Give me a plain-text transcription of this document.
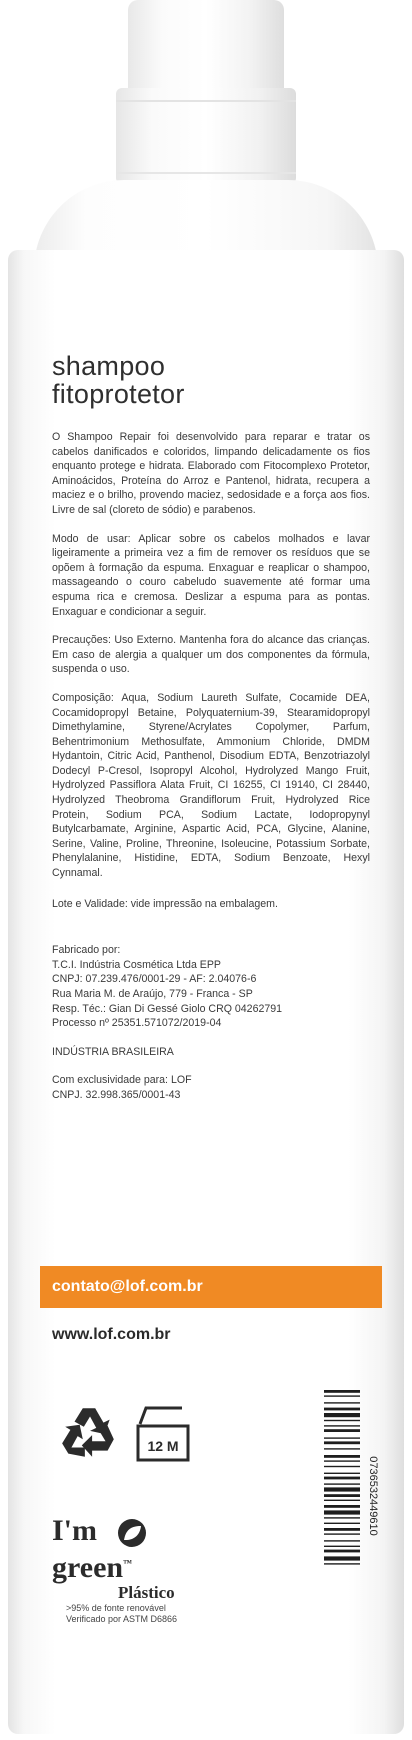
shampoo
fitoprotetor

O Shampoo Repair foi desenvolvido para reparar e tratar os cabelos danificados e coloridos, limpando delicadamente os fios enquanto protege e hidrata. Elaborado com Fitocomplexo Protetor, Aminoácidos, Proteína do Arroz e Pantenol, hidrata, recupera a maciez e o brilho, provendo maciez, sedosidade e a força aos fios. Livre de sal (cloreto de sódio) e parabenos.

Modo de usar: Aplicar sobre os cabelos molhados e lavar ligeiramente a primeira vez a fim de remover os resíduos que se opõem à formação da espuma. Enxaguar e reaplicar o shampoo, massageando o couro cabeludo suavemente até formar uma espuma rica e cremosa. Deslizar a espuma para as pontas. Enxaguar e condicionar a seguir.

Precauções: Uso Externo. Mantenha fora do alcance das crianças. Em caso de alergia a qualquer um dos componentes da fórmula, suspenda o uso.

Composição: Aqua, Sodium Laureth Sulfate, Cocamide DEA, Cocamidopropyl Betaine, Polyquaternium-39, Stearamidopropyl Dimethylamine, Styrene/Acrylates Copolymer, Parfum, Behentrimonium Methosulfate, Ammonium Chloride, DMDM Hydantoin, Citric Acid, Panthenol, Disodium EDTA, Benzotriazolyl Dodecyl P-Cresol, Isopropyl Alcohol, Hydrolyzed Mango Fruit, Hydrolyzed Passiflora Alata Fruit, CI 16255, CI 19140, CI 28440, Hydrolyzed Theobroma Grandiflorum Fruit, Hydrolyzed Rice Protein, Sodium PCA, Sodium Lactate, Iodopropynyl Butylcarbamate, Arginine, Aspartic Acid, PCA, Glycine, Alanine, Serine, Valine, Proline, Threonine, Isoleucine, Potassium Sorbate, Phenylalanine, Histidine, EDTA, Sodium Benzoate, Hexyl Cynnamal.

Lote e Validade: vide impressão na embalagem.

Fabricado por:
T.C.I. Indústria Cosmética Ltda EPP
CNPJ: 07.239.476/0001-29 - AF: 2.04076-6
Rua Maria M. de Araújo, 779 - Franca - SP
Resp. Téc.: Gian Di Gessé Giolo CRQ 04262791
Processo nº 25351.571072/2019-04
INDÚSTRIA BRASILEIRA
Com exclusividade para: LOF
CNPJ. 32.998.365/0001-43
contato@lof.com.br
www.lof.com.br
12 M
I'm
green™
Plástico
>95% de fonte renovável
Verificado por ASTM D6866
0736532449610
